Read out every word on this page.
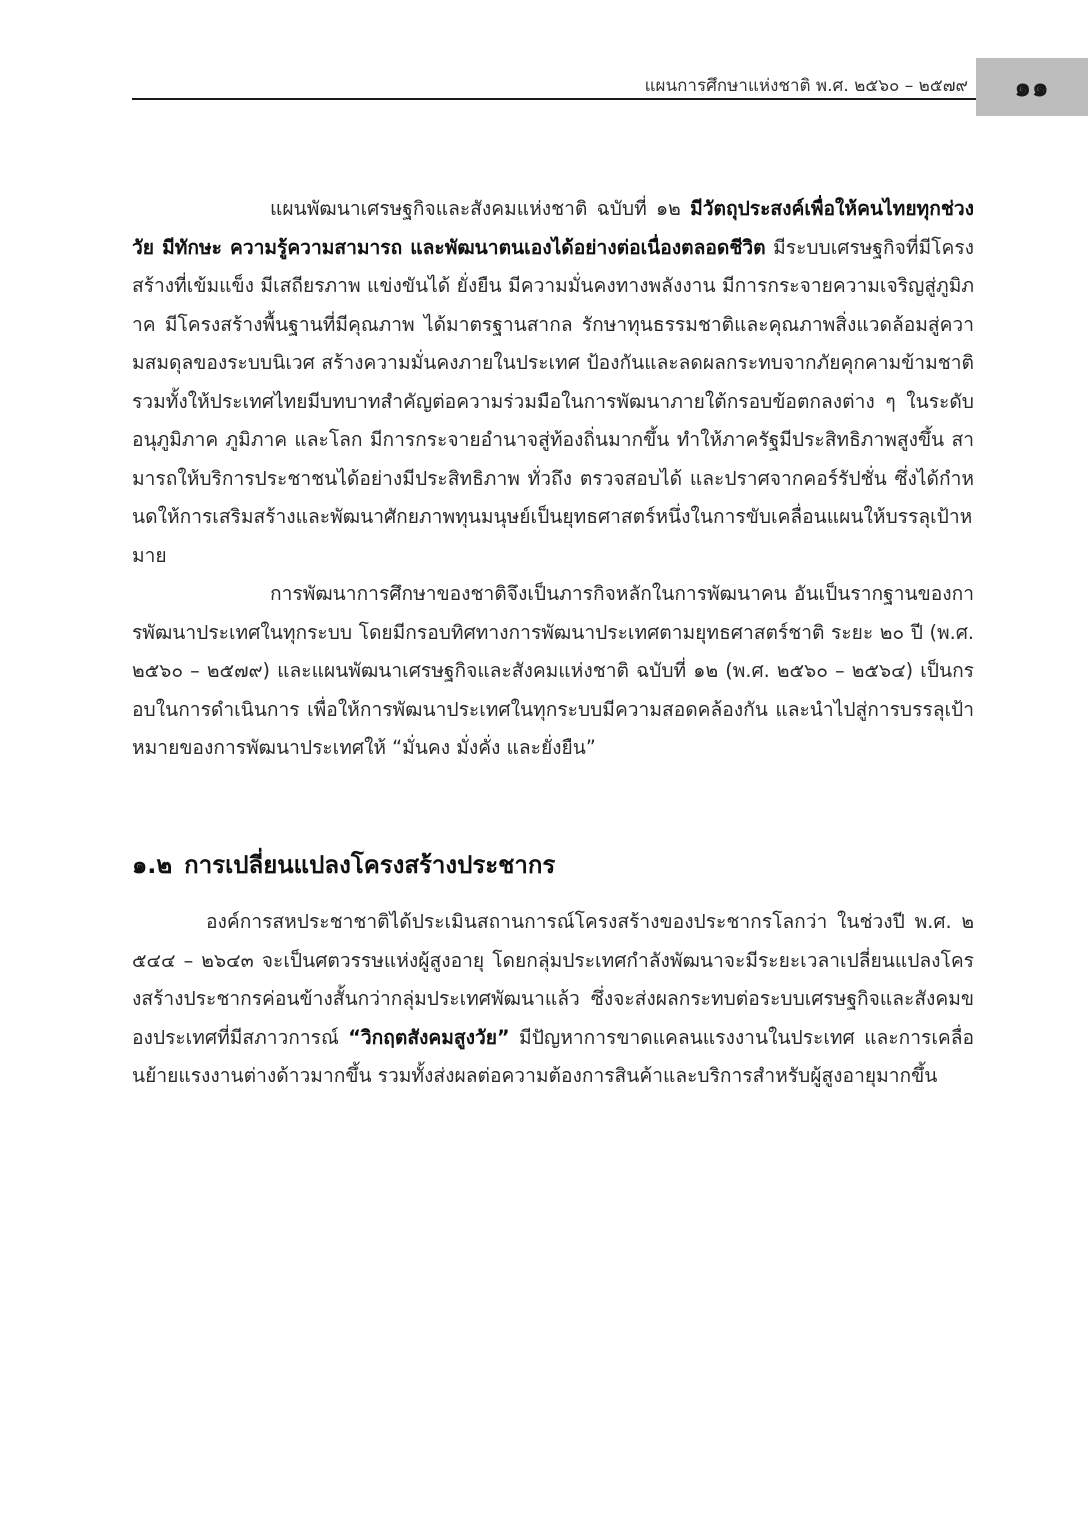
แผนการศึกษาแห่งชาติ พ.ศ. ๒๕๖๐ – ๒๕๗๙	๑๑

แผนพัฒนาเศรษฐกิจและสังคมแห่งชาติ ฉบับที่ ๑๒ มีวัตถุประสงค์เพื่อให้คนไทยทุกช่วงวัย มีทักษะ ความรู้ความสามารถ และพัฒนาตนเองได้อย่างต่อเนื่องตลอดชีวิต มีระบบเศรษฐกิจที่มีโครงสร้างที่เข้มแข็ง มีเสถียรภาพ แข่งขันได้ ยั่งยืน มีความมั่นคงทางพลังงาน มีการกระจายความเจริญสู่ภูมิภาค มีโครงสร้างพื้นฐานที่มีคุณภาพ ได้มาตรฐานสากล รักษาทุนธรรมชาติและคุณภาพสิ่งแวดล้อมสู่ความสมดุลของระบบนิเวศ สร้างความมั่นคงภายในประเทศ ป้องกันและลดผลกระทบจากภัยคุกคามข้ามชาติ รวมทั้งให้ประเทศไทยมีบทบาทสำคัญต่อความร่วมมือในการพัฒนาภายใต้กรอบข้อตกลงต่าง ๆ ในระดับอนุภูมิภาค ภูมิภาค และโลก มีการกระจายอำนาจสู่ท้องถิ่นมากขึ้น ทำให้ภาครัฐมีประสิทธิภาพสูงขึ้น สามารถให้บริการประชาชนได้อย่างมีประสิทธิภาพ ทั่วถึง ตรวจสอบได้ และปราศจากคอร์รัปชั่น ซึ่งได้กำหนดให้การเสริมสร้างและพัฒนาศักยภาพทุนมนุษย์เป็นยุทธศาสตร์หนึ่งในการขับเคลื่อนแผนให้บรรลุเป้าหมาย

การพัฒนาการศึกษาของชาติจึงเป็นภารกิจหลักในการพัฒนาคน อันเป็นรากฐานของการพัฒนาประเทศในทุกระบบ โดยมีกรอบทิศทางการพัฒนาประเทศตามยุทธศาสตร์ชาติ ระยะ ๒๐ ปี (พ.ศ. ๒๕๖๐ – ๒๕๗๙) และแผนพัฒนาเศรษฐกิจและสังคมแห่งชาติ ฉบับที่ ๑๒ (พ.ศ. ๒๕๖๐ – ๒๕๖๔) เป็นกรอบในการดำเนินการ เพื่อให้การพัฒนาประเทศในทุกระบบมีความสอดคล้องกัน และนำไปสู่การบรรลุเป้าหมายของการพัฒนาประเทศให้ “มั่นคง มั่งคั่ง และยั่งยืน”

๑.๒ การเปลี่ยนแปลงโครงสร้างประชากร

องค์การสหประชาชาติได้ประเมินสถานการณ์โครงสร้างของประชากรโลกว่า ในช่วงปี พ.ศ. ๒๕๔๔ – ๒๖๔๓ จะเป็นศตวรรษแห่งผู้สูงอายุ โดยกลุ่มประเทศกำลังพัฒนาจะมีระยะเวลาเปลี่ยนแปลงโครงสร้างประชากรค่อนข้างสั้นกว่ากลุ่มประเทศพัฒนาแล้ว ซึ่งจะส่งผลกระทบต่อระบบเศรษฐกิจและสังคมของประเทศที่มีสภาวการณ์ “วิกฤตสังคมสูงวัย” มีปัญหาการขาดแคลนแรงงานในประเทศ และการเคลื่อนย้ายแรงงานต่างด้าวมากขึ้น รวมทั้งส่งผลต่อความต้องการสินค้าและบริการสำหรับผู้สูงอายุมากขึ้น
